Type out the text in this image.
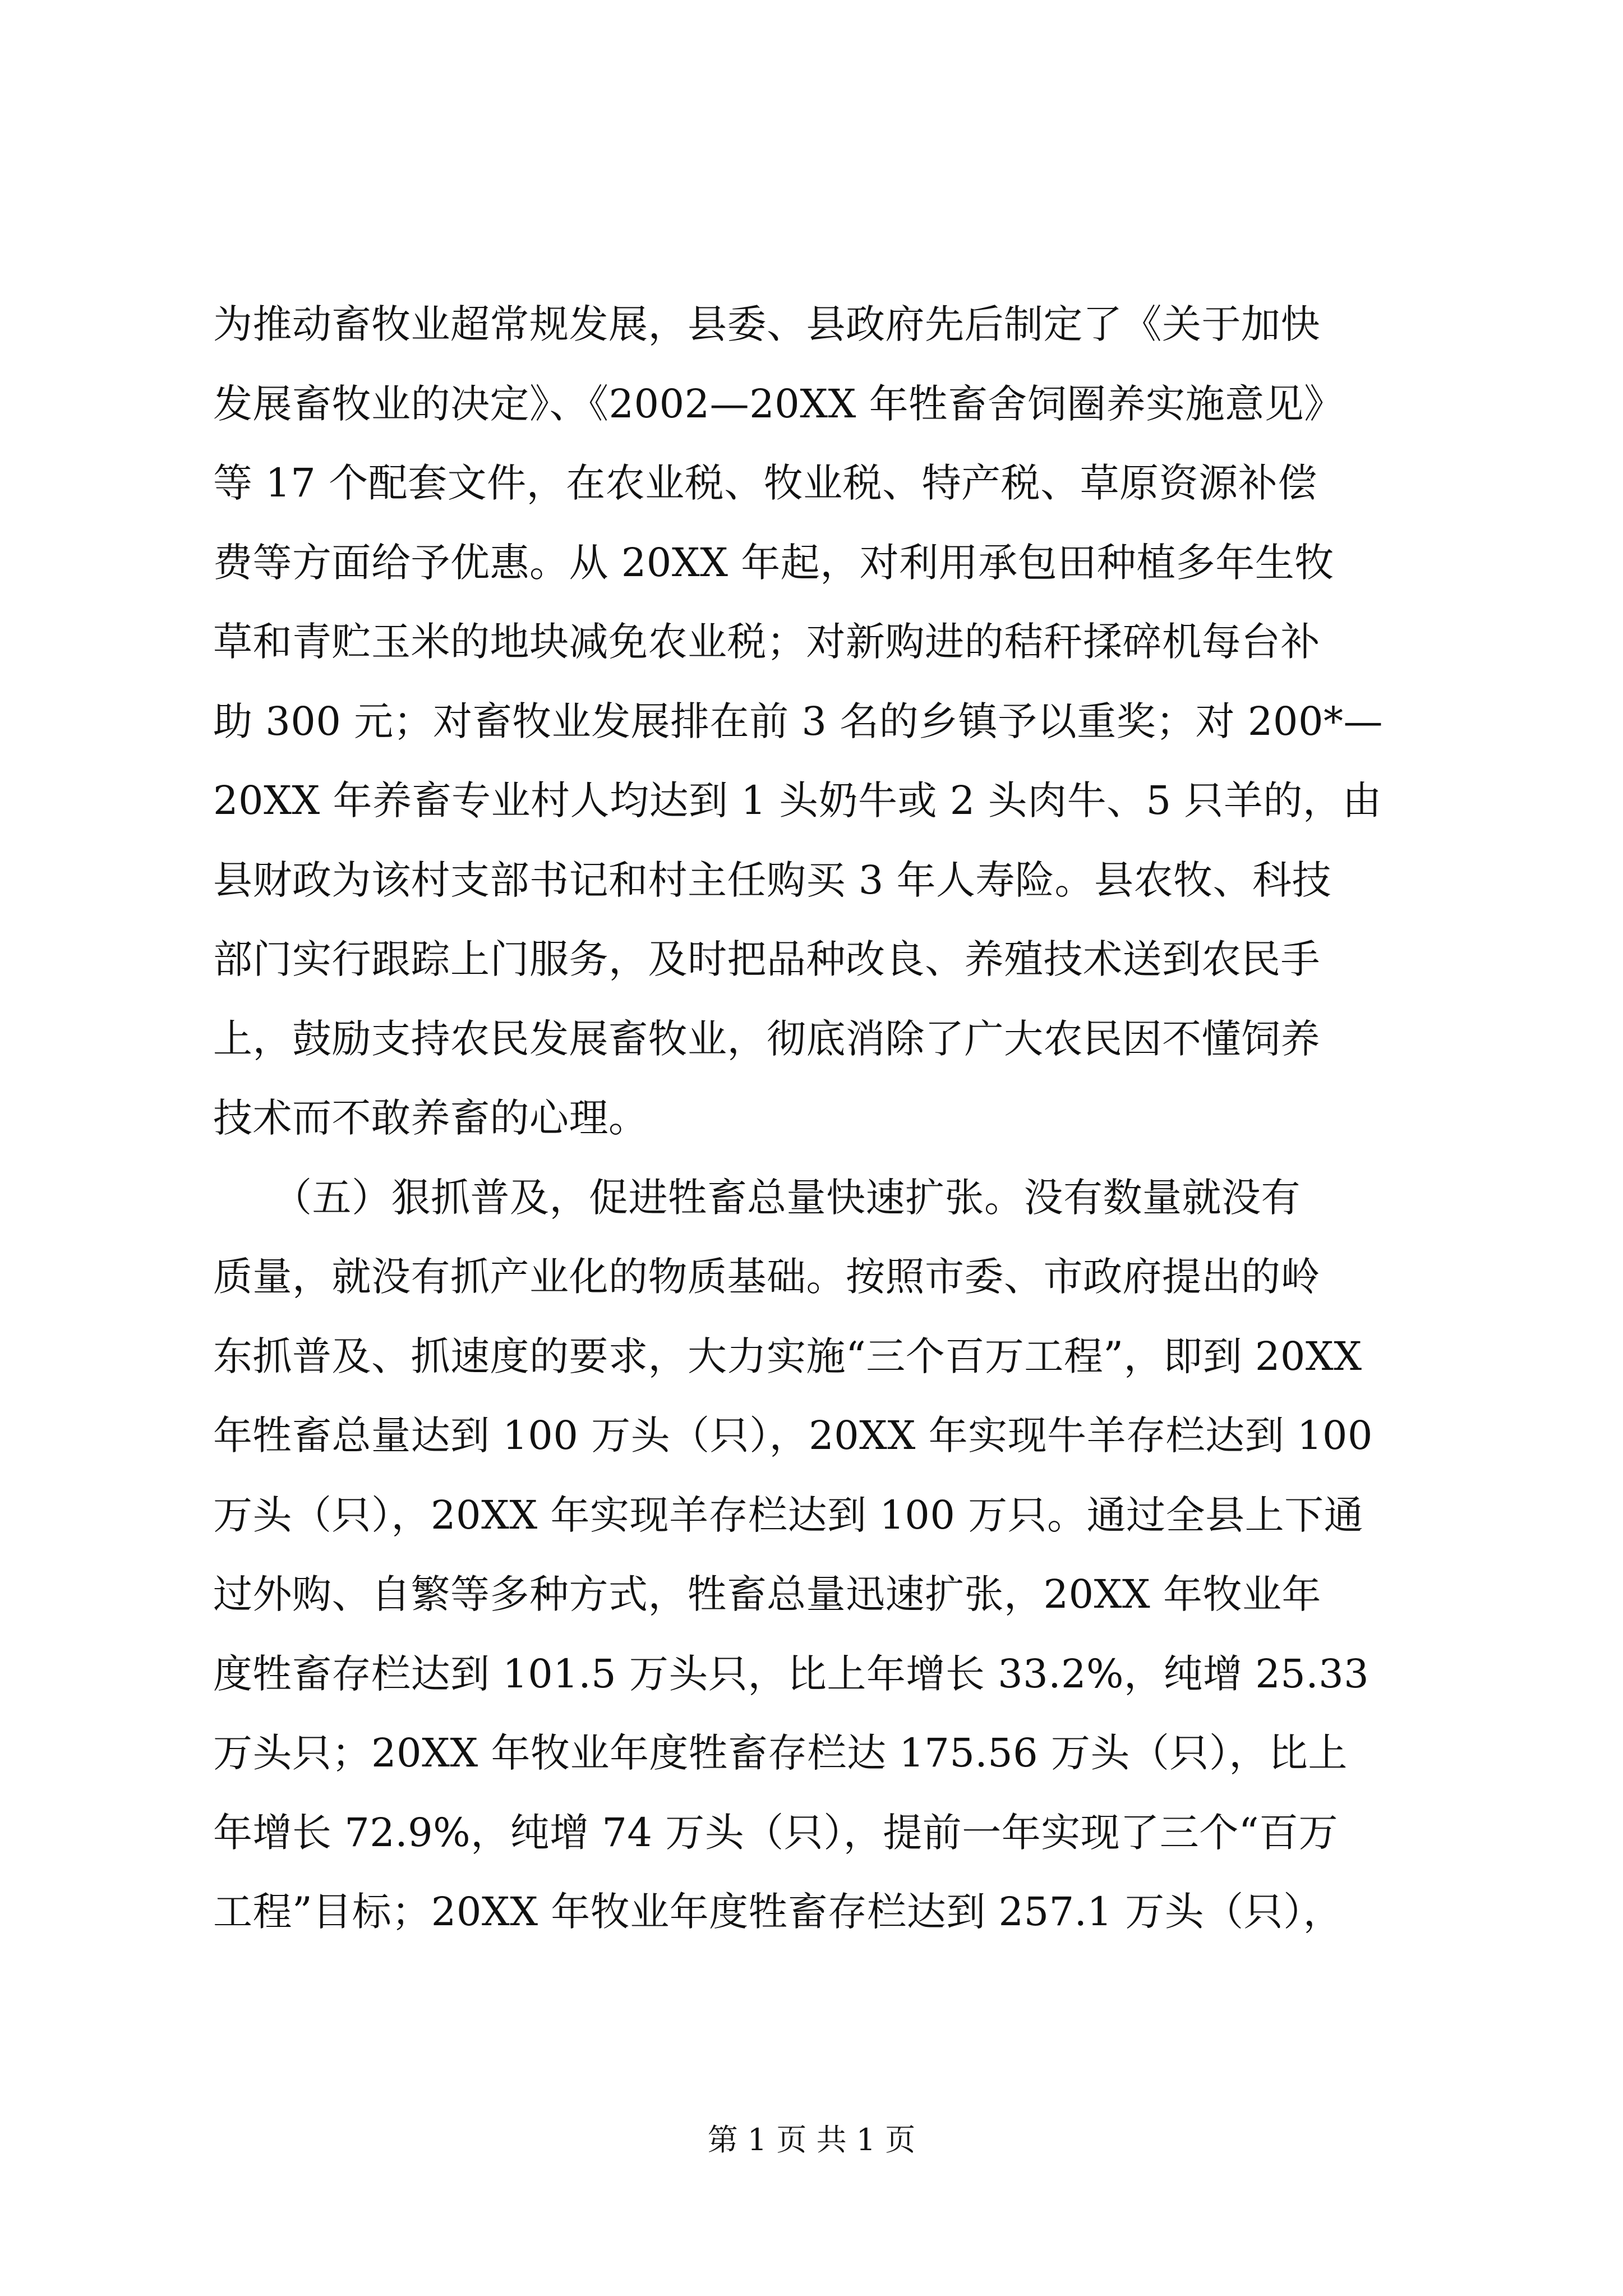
为推动畜牧业超常规发展，县委、县政府先后制定了《关于加快
发展畜牧业的决定》、《2002—20XX 年牲畜舍饲圈养实施意见》
等 17 个配套文件，在农业税、牧业税、特产税、草原资源补偿
费等方面给予优惠。从 20XX 年起，对利用承包田种植多年生牧
草和青贮玉米的地块减免农业税；对新购进的秸秆揉碎机每台补
助 300 元；对畜牧业发展排在前 3 名的乡镇予以重奖；对 200*—
20XX 年养畜专业村人均达到 1 头奶牛或 2 头肉牛、5 只羊的，由
县财政为该村支部书记和村主任购买 3 年人寿险。县农牧、科技
部门实行跟踪上门服务，及时把品种改良、养殖技术送到农民手
上，鼓励支持农民发展畜牧业，彻底消除了广大农民因不懂饲养
技术而不敢养畜的心理。
　　（五）狠抓普及，促进牲畜总量快速扩张。没有数量就没有
质量，就没有抓产业化的物质基础。按照市委、市政府提出的岭
东抓普及、抓速度的要求，大力实施“三个百万工程”，即到 20XX
年牲畜总量达到 100 万头（只），20XX 年实现牛羊存栏达到 100
万头（只），20XX 年实现羊存栏达到 100 万只。通过全县上下通
过外购、自繁等多种方式，牲畜总量迅速扩张，20XX 年牧业年
度牲畜存栏达到 101.5 万头只，比上年增长 33.2%，纯增 25.33
万头只；20XX 年牧业年度牲畜存栏达 175.56 万头（只），比上
年增长 72.9%，纯增 74 万头（只），提前一年实现了三个“百万
工程”目标；20XX 年牧业年度牲畜存栏达到 257.1 万头（只），
第 1 页 共 1 页
